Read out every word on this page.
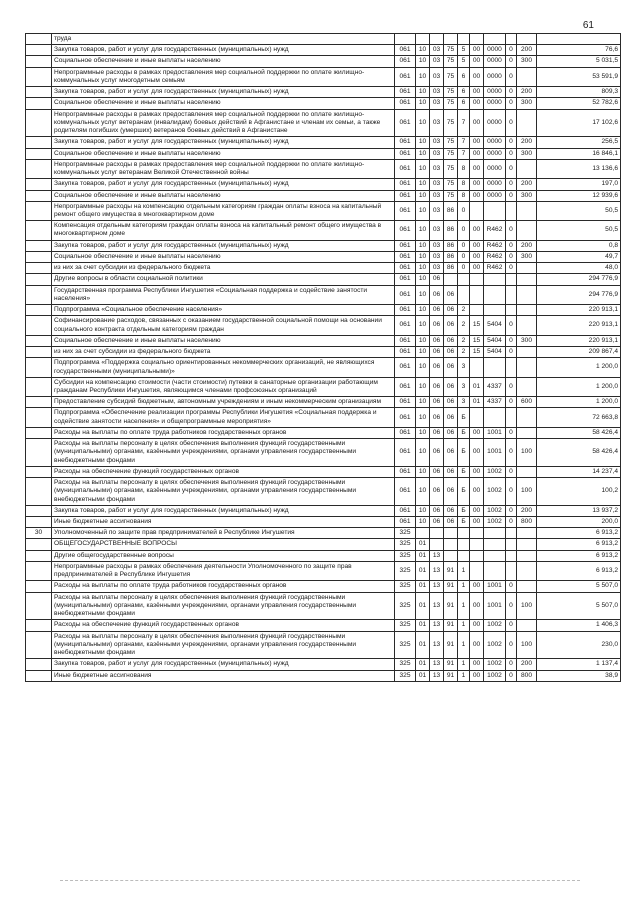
61
	труда										
	Закупка товаров, работ и услуг для государственных (муниципальных) нужд	061	10	03	75	5	00	0000	0	200	76,6
	Социальное обеспечение и иные выплаты населению	061	10	03	75	5	00	0000	0	300	5 031,5
	Непрограммные расходы в рамках предоставления мер социальной поддержки по оплате жилищно-коммунальных услуг многодетным семьям	061	10	03	75	6	00	0000	0		53 591,9
	Закупка товаров, работ и услуг для государственных (муниципальных) нужд	061	10	03	75	6	00	0000	0	200	809,3
	Социальное обеспечение и иные выплаты населению	061	10	03	75	6	00	0000	0	300	52 782,6
	Непрограммные расходы в рамках предоставления мер социальной поддержки по оплате жилищно-коммунальных услуг ветеранам (инвалидам) боевых действий в Афганистане и членам их семьи, а также родителям погибших (умерших) ветеранов боевых действий в Афганистане	061	10	03	75	7	00	0000	0		17 102,6
	Закупка товаров, работ и услуг для государственных (муниципальных) нужд	061	10	03	75	7	00	0000	0	200	256,5
	Социальное обеспечение и иные выплаты населению	061	10	03	75	7	00	0000	0	300	16 846,1
	Непрограммные расходы в рамках предоставления мер социальной поддержки по оплате жилищно-коммунальных услуг ветеранам Великой Отечественной войны	061	10	03	75	8	00	0000	0		13 136,6
	Закупка товаров, работ и услуг для государственных (муниципальных) нужд	061	10	03	75	8	00	0000	0	200	197,0
	Социальное обеспечение и иные выплаты населению	061	10	03	75	8	00	0000	0	300	12 939,6
	Непрограммные расходы на компенсацию отдельным категориям граждан оплаты взноса на капитальный ремонт общего имущества в многоквартирном доме	061	10	03	86	0					50,5
	Компенсация отдельным категориям граждан оплаты взноса на капитальный ремонт общего имущества в многоквартирном доме	061	10	03	86	0	00	R462	0		50,5
	Закупка товаров, работ и услуг для государственных (муниципальных) нужд	061	10	03	86	0	00	R462	0	200	0,8
	Социальное обеспечение и иные выплаты населению	061	10	03	86	0	00	R462	0	300	49,7
	из них за счет субсидии из федерального бюджета	061	10	03	86	0	00	R462	0		48,0
	Другие вопросы в области социальной политики	061	10	06							294 776,9
	Государственная программа Республики Ингушетия «Социальная поддержка и содействие занятости населения»	061	10	06	06						294 776,9
	Подпрограмма «Социальное обеспечение населения»	061	10	06	06	2					220 913,1
	Софинансирование расходов, связанных с оказанием государственной социальной помощи на основании социального контракта отдельным категориям граждан	061	10	06	06	2	15	5404	0		220 913,1
	Социальное обеспечение и иные выплаты населению	061	10	06	06	2	15	5404	0	300	220 913,1
	из них за счет субсидии из федерального бюджета	061	10	06	06	2	15	5404	0		209 867,4
	Подпрограмма «Поддержка социально ориентированных некоммерческих организаций, не являющихся государственными (муниципальными)»	061	10	06	06	3					1 200,0
	Субсидии на компенсацию стоимости (части стоимости) путевки в санаторные организации работающим гражданам Республики Ингушетия, являющимся членами профсоюзных организаций	061	10	06	06	3	01	4337	0		1 200,0
	Предоставление субсидий бюджетным, автономным учреждениям и иным некоммерческим организациям	061	10	06	06	3	01	4337	0	600	1 200,0
	Подпрограмма «Обеспечение реализации программы Республики Ингушетия «Социальная поддержка и содействие занятости населения» и общепрограммные мероприятия»	061	10	06	06	Б					72 663,8
	Расходы на выплаты по оплате труда работников государственных органов	061	10	06	06	Б	00	1001	0		58 426,4
	Расходы на выплаты персоналу в целях обеспечения выполнения функций государственными (муниципальными) органами, казёнными учреждениями, органами управления государственными внебюджетными фондами	061	10	06	06	Б	00	1001	0	100	58 426,4
	Расходы на обеспечение функций государственных органов	061	10	06	06	Б	00	1002	0		14 237,4
	Расходы на выплаты персоналу в целях обеспечения выполнения функций государственными (муниципальными) органами, казёнными учреждениями, органами управления государственными внебюджетными фондами	061	10	06	06	Б	00	1002	0	100	100,2
	Закупка товаров, работ и услуг для государственных (муниципальных) нужд	061	10	06	06	Б	00	1002	0	200	13 937,2
	Иные бюджетные ассигнования	061	10	06	06	Б	00	1002	0	800	200,0
30	Уполномоченный по защите прав предпринимателей в Республике Ингушетия	325									6 913,2
	ОБЩЕГОСУДАРСТВЕННЫЕ ВОПРОСЫ	325	01								6 913,2
	Другие общегосударственные вопросы	325	01	13							6 913,2
	Непрограммные расходы в рамках обеспечения деятельности Уполномоченного по защите прав предпринимателей в Республике Ингушетия	325	01	13	91	1					6 913,2
	Расходы на выплаты по оплате труда работников государственных органов	325	01	13	91	1	00	1001	0		5 507,0
	Расходы на выплаты персоналу в целях обеспечения выполнения функций государственными (муниципальными) органами, казёнными учреждениями, органами управления государственными внебюджетными фондами	325	01	13	91	1	00	1001	0	100	5 507,0
	Расходы на обеспечение функций государственных органов	325	01	13	91	1	00	1002	0		1 406,3
	Расходы на выплаты персоналу в целях обеспечения выполнения функций государственными (муниципальными) органами, казёнными учреждениями, органами управления государственными внебюджетными фондами	325	01	13	91	1	00	1002	0	100	230,0
	Закупка товаров, работ и услуг для государственных (муниципальных) нужд	325	01	13	91	1	00	1002	0	200	1 137,4
	Иные бюджетные ассигнования	325	01	13	91	1	00	1002	0	800	38,9
